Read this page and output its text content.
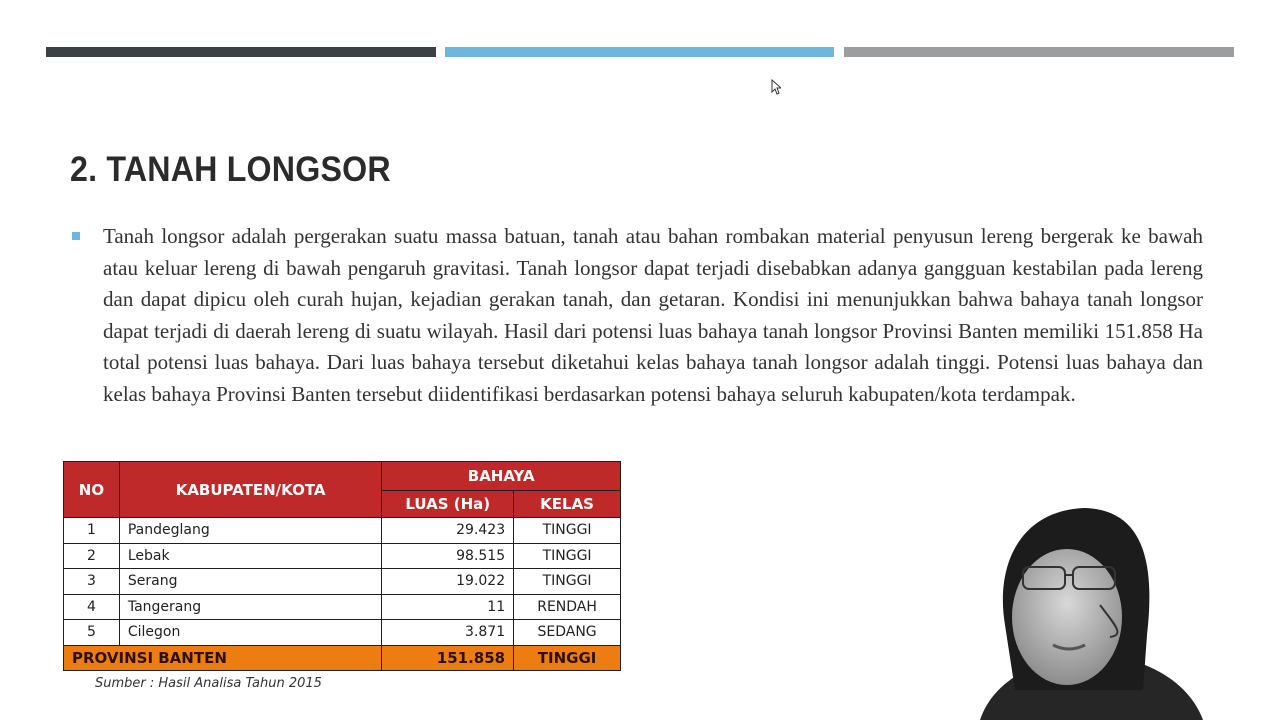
2. TANAH LONGSOR

Tanah longsor adalah pergerakan suatu massa batuan, tanah atau bahan rombakan material penyusun lereng bergerak ke bawah atau keluar lereng di bawah pengaruh gravitasi. Tanah longsor dapat terjadi disebabkan adanya gangguan kestabilan pada lereng dan dapat dipicu oleh curah hujan, kejadian gerakan tanah, dan getaran. Kondisi ini menunjukkan bahwa bahaya tanah longsor dapat terjadi di daerah lereng di suatu wilayah. Hasil dari potensi luas bahaya tanah longsor Provinsi Banten memiliki 151.858 Ha total potensi luas bahaya. Dari luas bahaya tersebut diketahui kelas bahaya tanah longsor adalah tinggi. Potensi luas bahaya dan kelas bahaya Provinsi Banten tersebut diidentifikasi berdasarkan potensi bahaya seluruh kabupaten/kota terdampak.

NO	KABUPATEN/KOTA	BAHAYA	
		LUAS (Ha)	KELAS
1	Pandeglang	29.423	TINGGI
2	Lebak	98.515	TINGGI
3	Serang	19.022	TINGGI
4	Tangerang	11	RENDAH
5	Cilegon	3.871	SEDANG
PROVINSI BANTEN		151.858	TINGGI
Sumber : Hasil Analisa Tahun 2015
